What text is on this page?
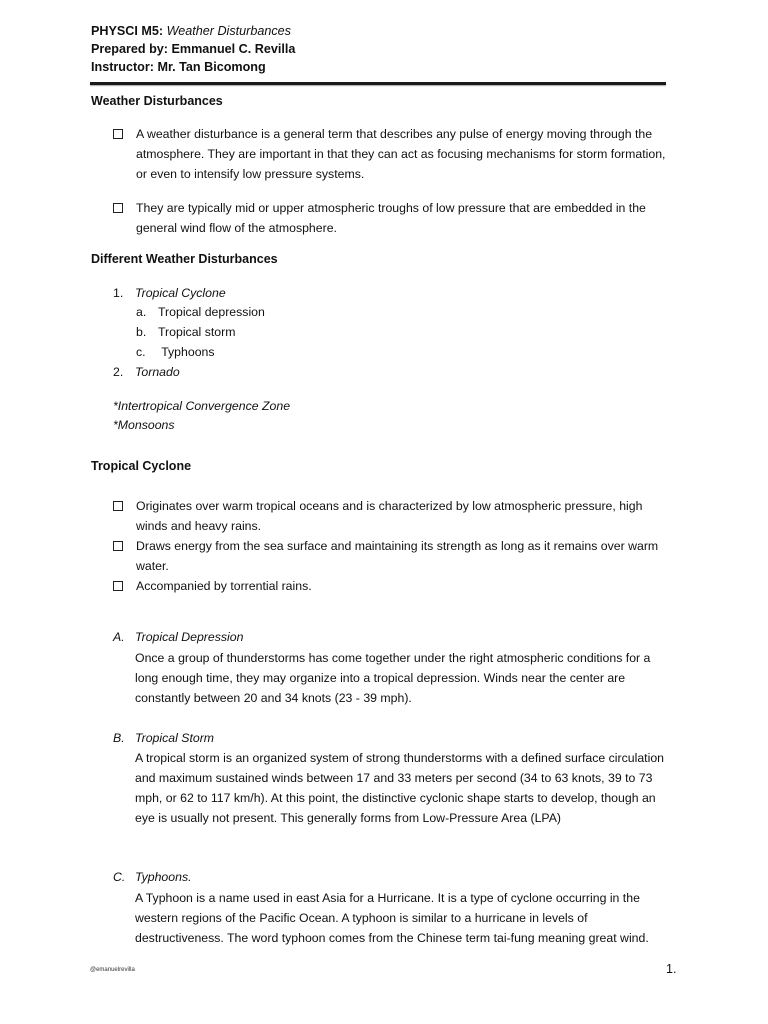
PHYSCI M5: Weather Disturbances
Prepared by: Emmanuel C. Revilla
Instructor: Mr. Tan Bicomong
Weather Disturbances
A weather disturbance is a general term that describes any pulse of energy moving through the atmosphere. They are important in that they can act as focusing mechanisms for storm formation, or even to intensify low pressure systems.
They are typically mid or upper atmospheric troughs of low pressure that are embedded in the general wind flow of the atmosphere.
Different Weather Disturbances
1. Tropical Cyclone
a. Tropical depression
b. Tropical storm
c. Typhoons
2. Tornado
*Intertropical Convergence Zone
*Monsoons
Tropical Cyclone
Originates over warm tropical oceans and is characterized by low atmospheric pressure, high winds and heavy rains.
Draws energy from the sea surface and maintaining its strength as long as it remains over warm water.
Accompanied by torrential rains.
A. Tropical Depression
Once a group of thunderstorms has come together under the right atmospheric conditions for a long enough time, they may organize into a tropical depression. Winds near the center are constantly between 20 and 34 knots (23 - 39 mph).
B. Tropical Storm
A tropical storm is an organized system of strong thunderstorms with a defined surface circulation and maximum sustained winds between 17 and 33 meters per second (34 to 63 knots, 39 to 73 mph, or 62 to 117 km/h). At this point, the distinctive cyclonic shape starts to develop, though an eye is usually not present. This generally forms from Low-Pressure Area (LPA)
C. Typhoons.
A Typhoon is a name used in east Asia for a Hurricane. It is a type of cyclone occurring in the western regions of the Pacific Ocean. A typhoon is similar to a hurricane in levels of destructiveness. The word typhoon comes from the Chinese term tai-fung meaning great wind.
@emanuelrevilla	1.
